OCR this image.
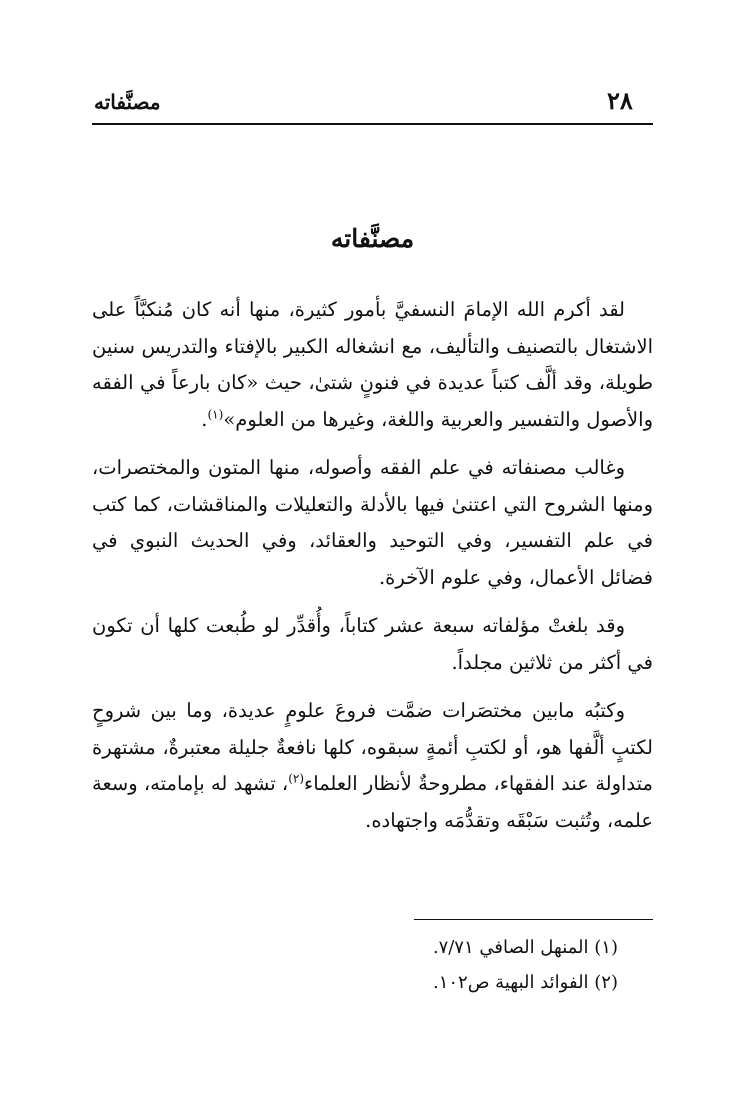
مصنَّفاته	٢٨
مصنَّفاته

لقد أكرم الله الإمامَ النسفيَّ بأمور كثيرة، منها أنه كان مُنكبَّاً على الاشتغال بالتصنيف والتأليف، مع انشغاله الكبير بالإفتاء والتدريس سنين طويلة، وقد ألَّف كتباً عديدة في فنونٍ شتىٰ، حيث «كان بارعاً في الفقه والأصول والتفسير والعربية واللغة، وغيرها من العلوم»$^{(١)}$.

وغالب مصنفاته في علم الفقه وأصوله، منها المتون والمختصرات، ومنها الشروح التي اعتنىٰ فيها بالأدلة والتعليلات والمناقشات، كما كتب في علم التفسير، وفي التوحيد والعقائد، وفي الحديث النبوي في فضائل الأعمال، وفي علوم الآخرة.

وقد بلغتْ مؤلفاته سبعة عشر كتاباً، وأُقدِّر لو طُبعت كلها أن تكون في أكثر من ثلاثين مجلداً.

وكتبُه مابين مختصَرات ضمَّت فروعَ علومٍ عديدة، وما بين شروحٍ لكتبٍ ألَّفها هو، أو لكتبِ أئمةٍ سبقوه، كلها نافعةٌ جليلة معتبرةٌ، مشتهرة متداولة عند الفقهاء، مطروحةٌ لأنظار العلماء$^{(٢)}$، تشهد له بإمامته، وسعة علمه، وتُثبت سَبْقَه وتقدُّمَه واجتهاده.

(١) المنهل الصافي ٧/٧١.
(٢) الفوائد البهية ص١٠٢.
